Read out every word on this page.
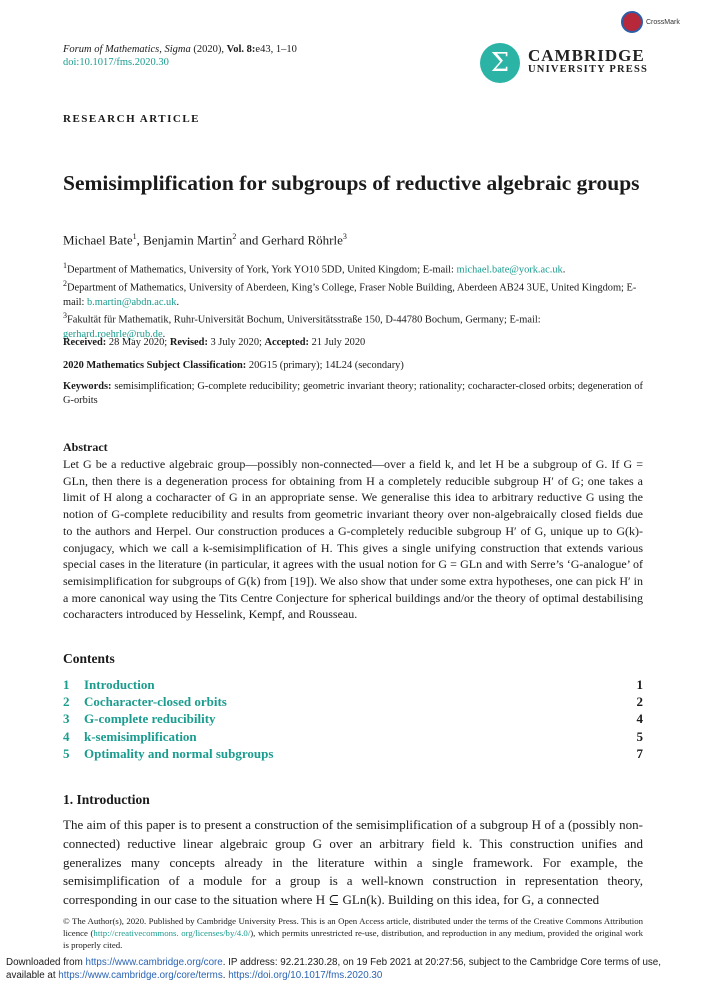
Forum of Mathematics, Sigma (2020), Vol. 8:e43, 1–10
doi:10.1017/fms.2020.30
CrossMark
Σ	CAMBRIDGE
UNIVERSITY PRESS
RESEARCH ARTICLE
Semisimplification for subgroups of reductive algebraic groups
Michael Bate$^1$, Benjamin Martin$^2$ and Gerhard Röhrle$^3$
$^1$Department of Mathematics, University of York, York YO10 5DD, United Kingdom; E-mail: michael.bate@york.ac.uk.
$^2$Department of Mathematics, University of Aberdeen, King’s College, Fraser Noble Building, Aberdeen AB24 3UE, United Kingdom; E-mail: b.martin@abdn.ac.uk.
$^3$Fakultät für Mathematik, Ruhr-Universität Bochum, Universitätsstraße 150, D-44780 Bochum, Germany; E-mail: gerhard.roehrle@rub.de.
Received: 28 May 2020; Revised: 3 July 2020; Accepted: 21 July 2020
2020 Mathematics Subject Classification: 20G15 (primary); 14L24 (secondary)
Keywords: semisimplification; G-complete reducibility; geometric invariant theory; rationality; cocharacter-closed orbits; degeneration of G-orbits
Abstract
Let G be a reductive algebraic group—possibly non-connected—over a field k, and let H be a subgroup of G. If G = GLn, then there is a degeneration process for obtaining from H a completely reducible subgroup H′ of G; one takes a limit of H along a cocharacter of G in an appropriate sense. We generalise this idea to arbitrary reductive G using the notion of G-complete reducibility and results from geometric invariant theory over non-algebraically closed fields due to the authors and Herpel. Our construction produces a G-completely reducible subgroup H′ of G, unique up to G(k)-conjugacy, which we call a k-semisimplification of H. This gives a single unifying construction that extends various special cases in the literature (in particular, it agrees with the usual notion for G = GLn and with Serre’s ‘G-analogue’ of semisimplification for subgroups of G(k) from [19]). We also show that under some extra hypotheses, one can pick H′ in a more canonical way using the Tits Centre Conjecture for spherical buildings and/or the theory of optimal destabilising cocharacters introduced by Hesselink, Kempf, and Rousseau.
Contents
1	Introduction	1
2	Cocharacter-closed orbits	2
3	G-complete reducibility	4
4	k-semisimplification	5
5	Optimality and normal subgroups	7
1. Introduction
The aim of this paper is to present a construction of the semisimplification of a subgroup H of a (possibly non-connected) reductive linear algebraic group G over an arbitrary field k. This construction unifies and generalizes many concepts already in the literature within a single framework. For example, the semisimplification of a module for a group is a well-known construction in representation theory, corresponding in our case to the situation where H ⊆ GLn(k). Building on this idea, for G, a connected
© The Author(s), 2020. Published by Cambridge University Press. This is an Open Access article, distributed under the terms of the Creative Commons Attribution licence (http://creativecommons. org/licenses/by/4.0/), which permits unrestricted re-use, distribution, and reproduction in any medium, provided the original work is properly cited.
Downloaded from https://www.cambridge.org/core. IP address: 92.21.230.28, on 19 Feb 2021 at 20:27:56, subject to the Cambridge Core terms of use, available at https://www.cambridge.org/core/terms. https://doi.org/10.1017/fms.2020.30
